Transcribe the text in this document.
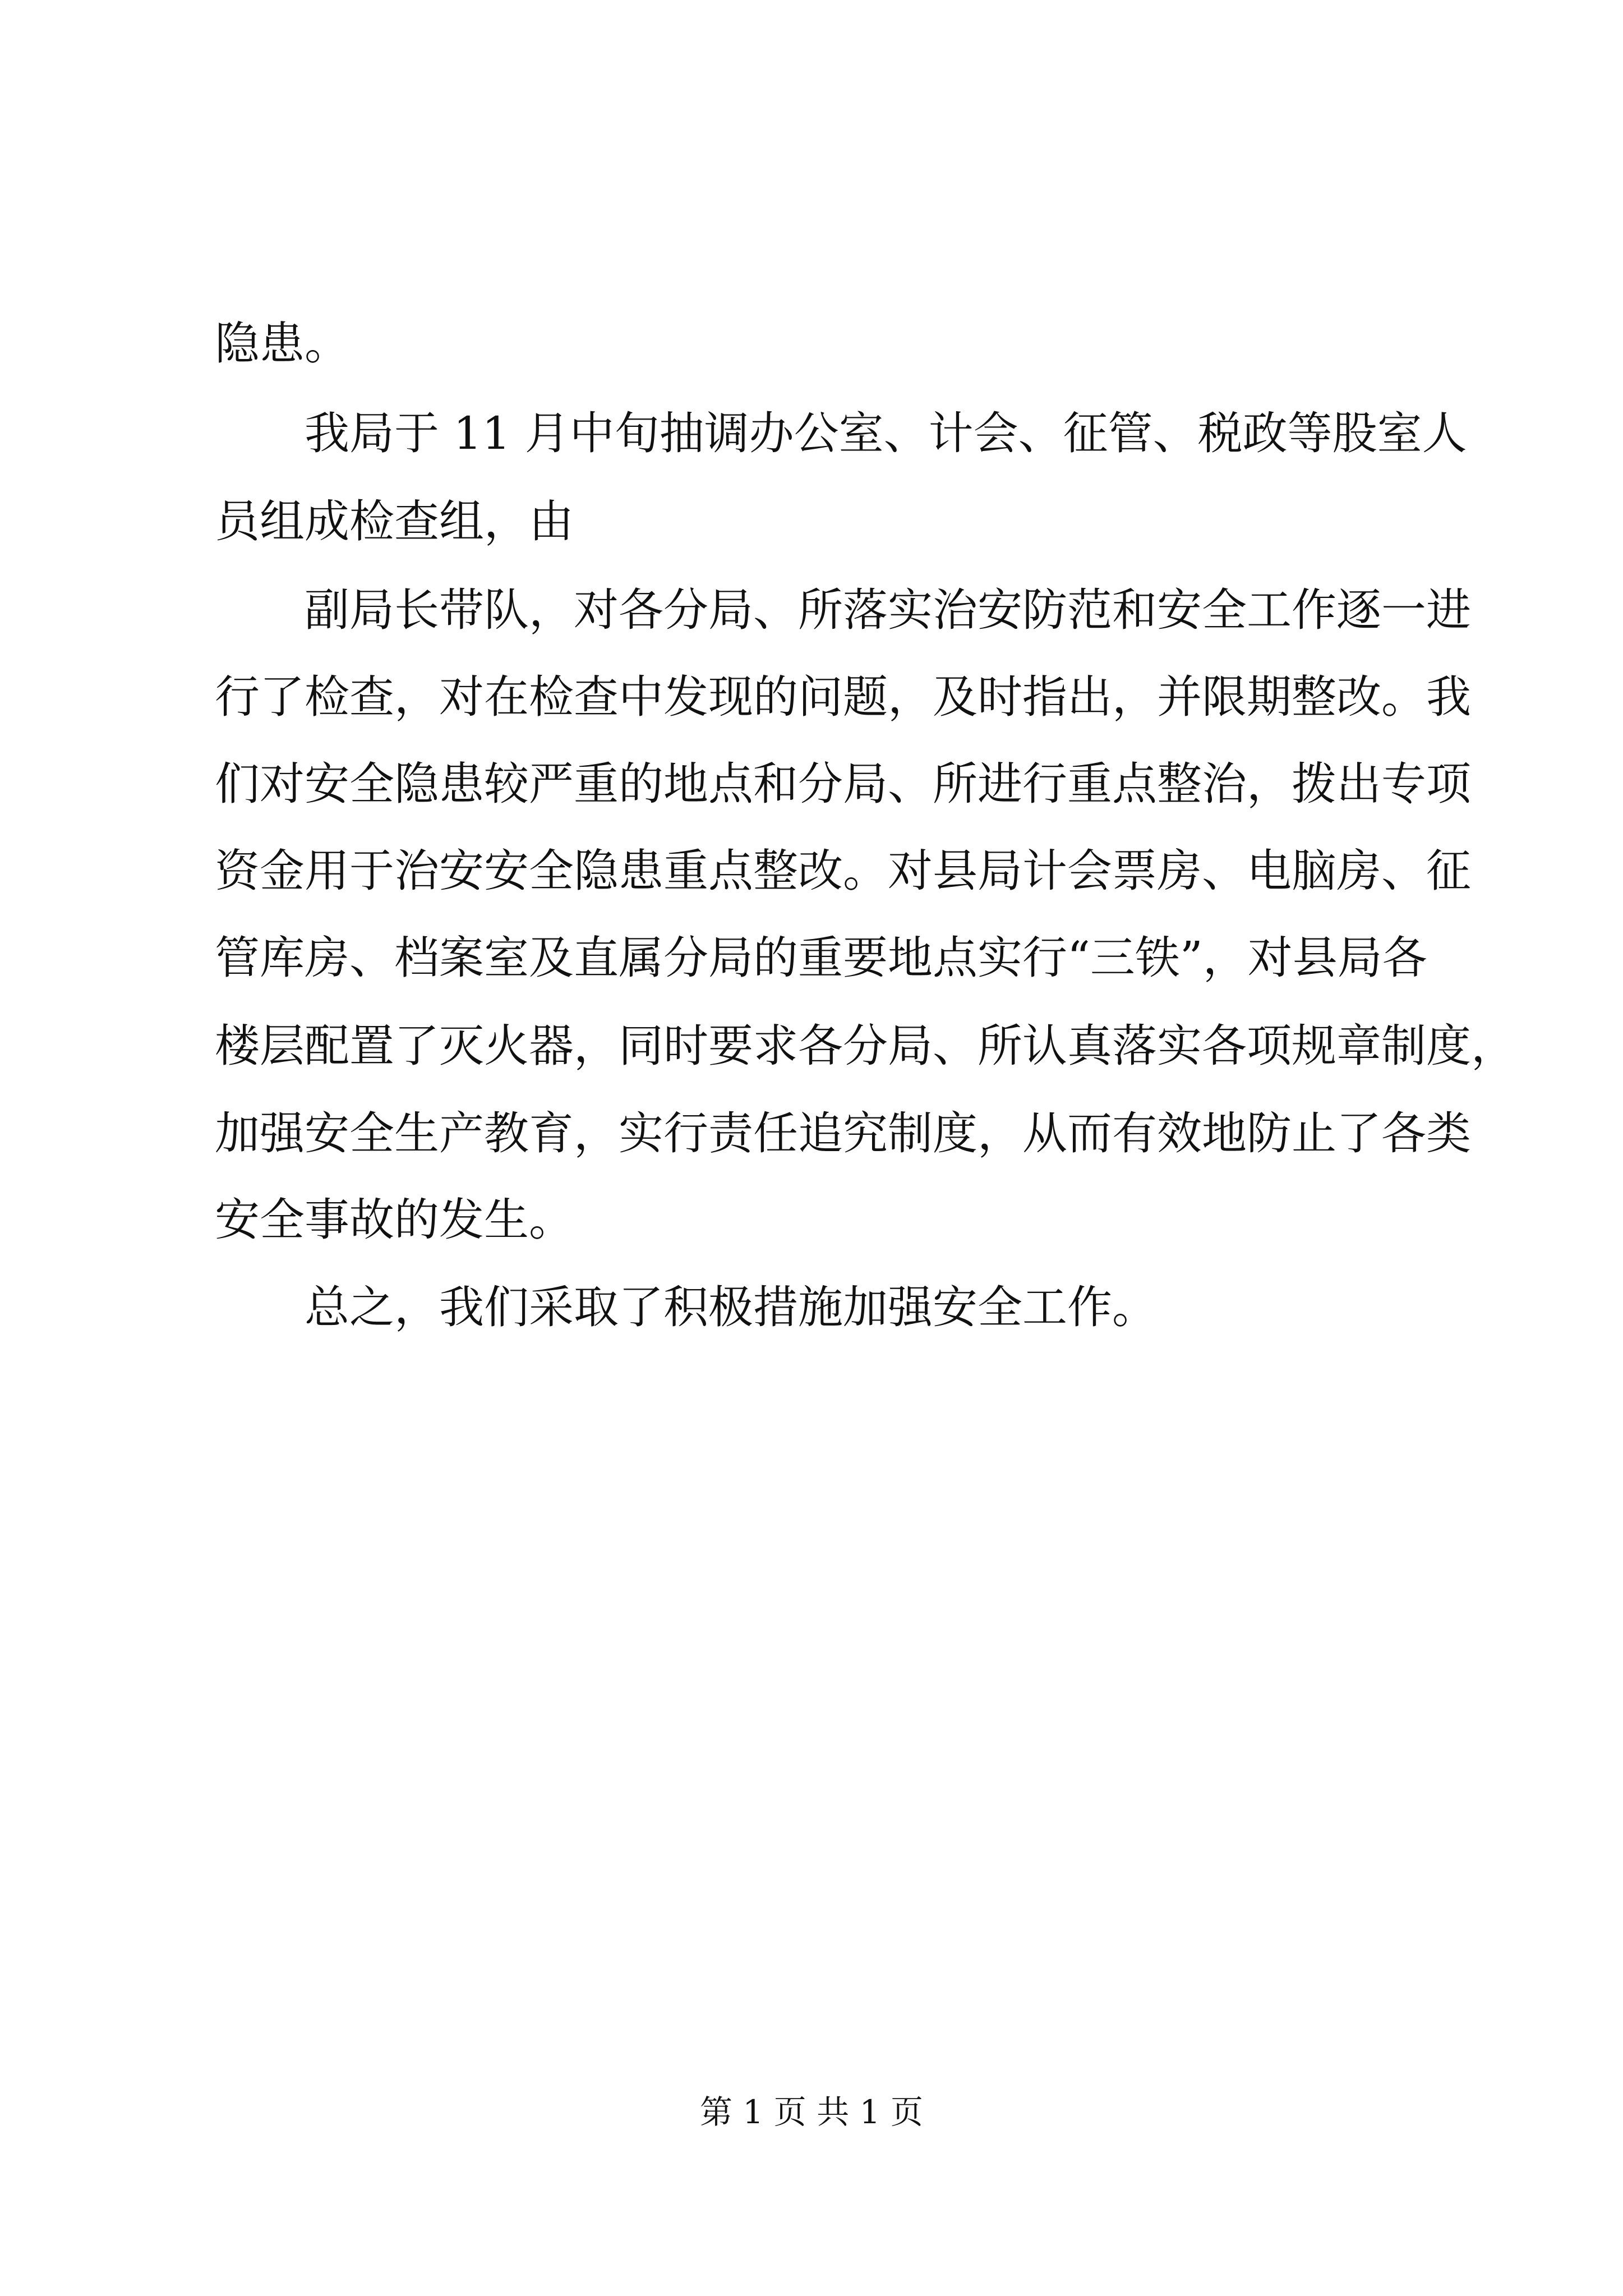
隐患。
我局于 11 月中旬抽调办公室、计会、征管、税政等股室人
员组成检查组，由
副局长带队，对各分局、所落实治安防范和安全工作逐一进
行了检查，对在检查中发现的问题，及时指出，并限期整改。我
们对安全隐患较严重的地点和分局、所进行重点整治，拨出专项
资金用于治安安全隐患重点整改。对县局计会票房、电脑房、征
管库房、档案室及直属分局的重要地点实行“三铁”，对县局各
楼层配置了灭火器，同时要求各分局、所认真落实各项规章制度，
加强安全生产教育，实行责任追究制度，从而有效地防止了各类
安全事故的发生。
总之，我们采取了积极措施加强安全工作。
第 1 页 共 1 页
